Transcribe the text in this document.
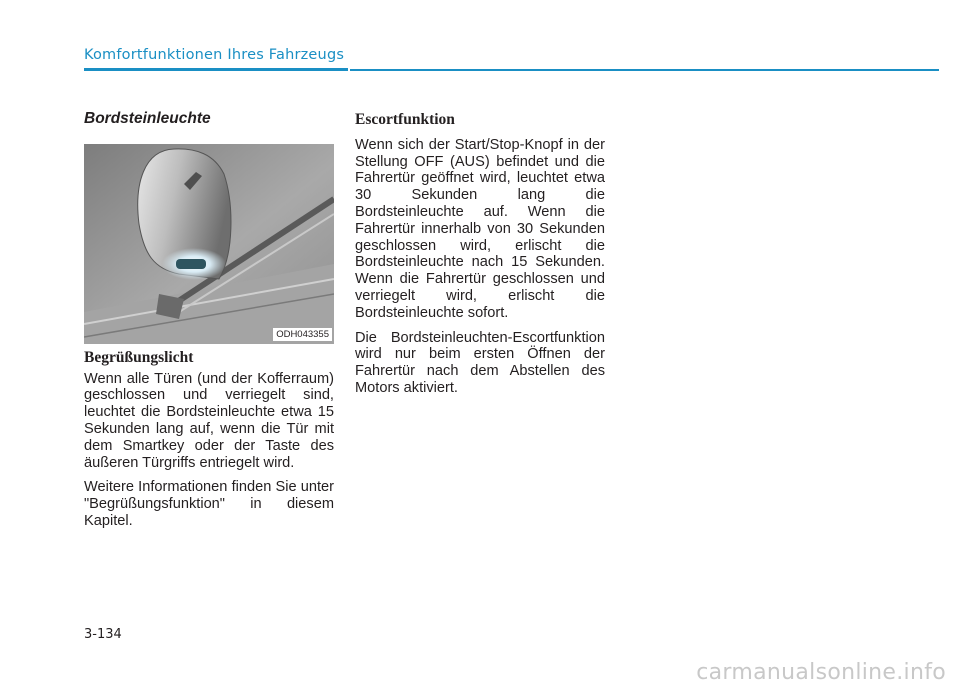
Komfortfunktionen Ihres Fahrzeugs
Bordsteinleuchte
ODH043355
Begrüßungslicht

Wenn alle Türen (und der Kofferraum) geschlossen und verriegelt sind, leuchtet die Bordsteinleuchte etwa 15 Sekunden lang auf, wenn die Tür mit dem Smartkey oder der Taste des äußeren Türgriffs entriegelt wird.

Weitere Informationen finden Sie unter "Begrüßungsfunktion" in diesem Kapitel.

Escortfunktion

Wenn sich der Start/Stop-Knopf in der Stellung OFF (AUS) befindet und die Fahrertür geöffnet wird, leuchtet etwa 30 Sekunden lang die Bordsteinleuchte auf. Wenn die Fahrertür innerhalb von 30 Sekunden geschlossen wird, erlischt die Bordsteinleuchte nach 15 Sekunden. Wenn die Fahrertür geschlossen und verriegelt wird, erlischt die Bordsteinleuchte sofort.

Die Bordsteinleuchten-Escortfunktion wird nur beim ersten Öffnen der Fahrertür nach dem Abstellen des Motors aktiviert.

3-134
carmanualsonline.info
